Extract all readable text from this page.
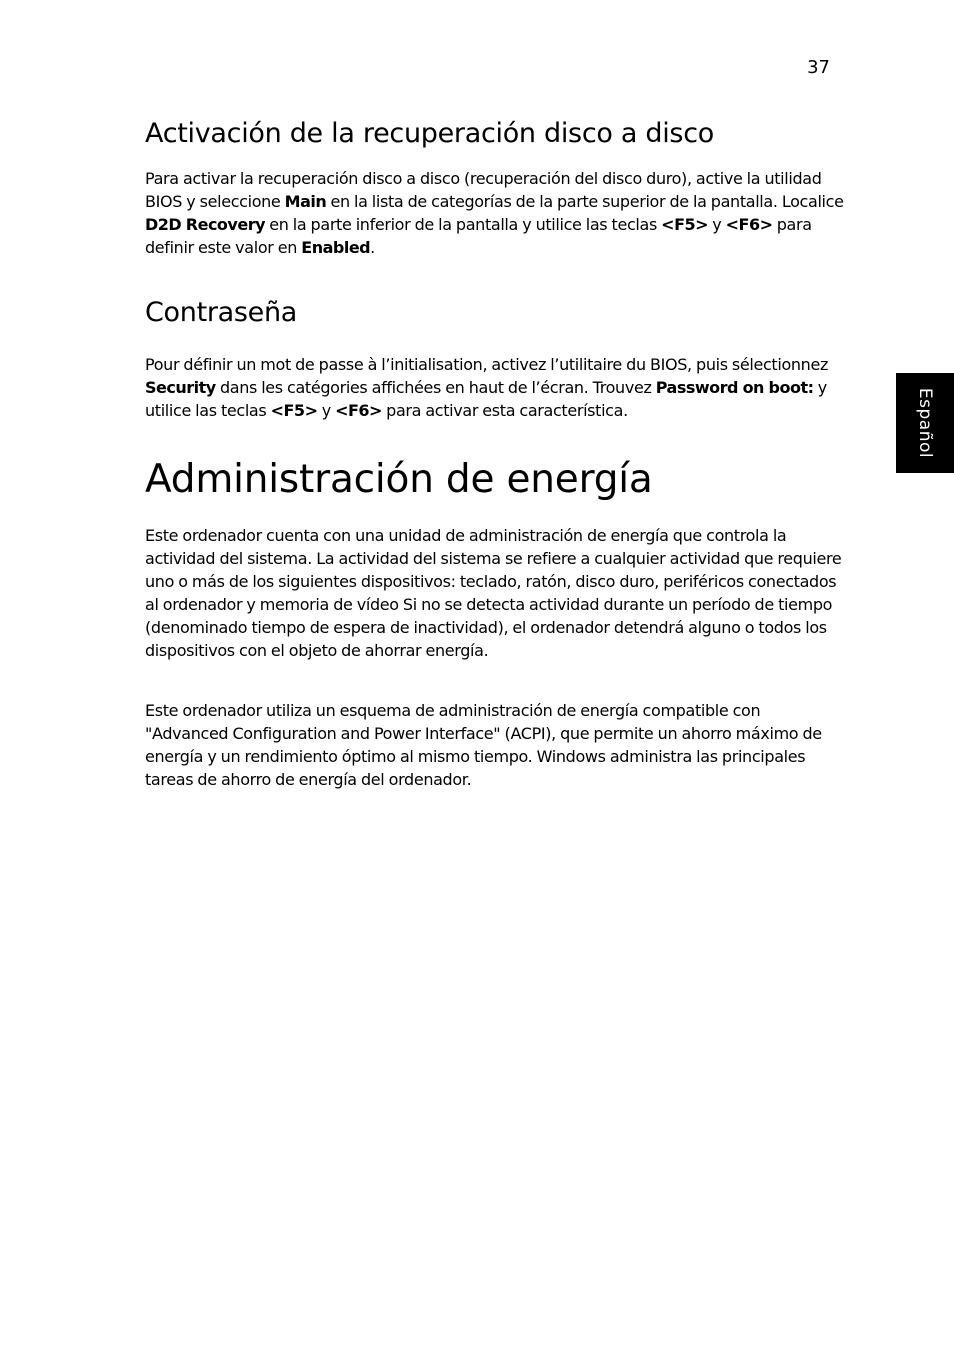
37
Español
Activación de la recuperación disco a disco

Para activar la recuperación disco a disco (recuperación del disco duro), active la utilidad BIOS y seleccione Main en la lista de categorías de la parte superior de la pantalla. Localice D2D Recovery en la parte inferior de la pantalla y utilice las teclas <F5> y <F6> para definir este valor en Enabled.

Contraseña

Pour définir un mot de passe à l’initialisation, activez l’utilitaire du BIOS, puis sélectionnez Security dans les catégories affichées en haut de l’écran. Trouvez Password on boot: y utilice las teclas <F5> y <F6> para activar esta característica.

Administración de energía

Este ordenador cuenta con una unidad de administración de energía que controla la actividad del sistema. La actividad del sistema se refiere a cualquier actividad que requiere uno o más de los siguientes dispositivos: teclado, ratón, disco duro, periféricos conectados al ordenador y memoria de vídeo Si no se detecta actividad durante un período de tiempo (denominado tiempo de espera de inactividad), el ordenador detendrá alguno o todos los dispositivos con el objeto de ahorrar energía.

Este ordenador utiliza un esquema de administración de energía compatible con "Advanced Configuration and Power Interface" (ACPI), que permite un ahorro máximo de energía y un rendimiento óptimo al mismo tiempo. Windows administra las principales tareas de ahorro de energía del ordenador.
